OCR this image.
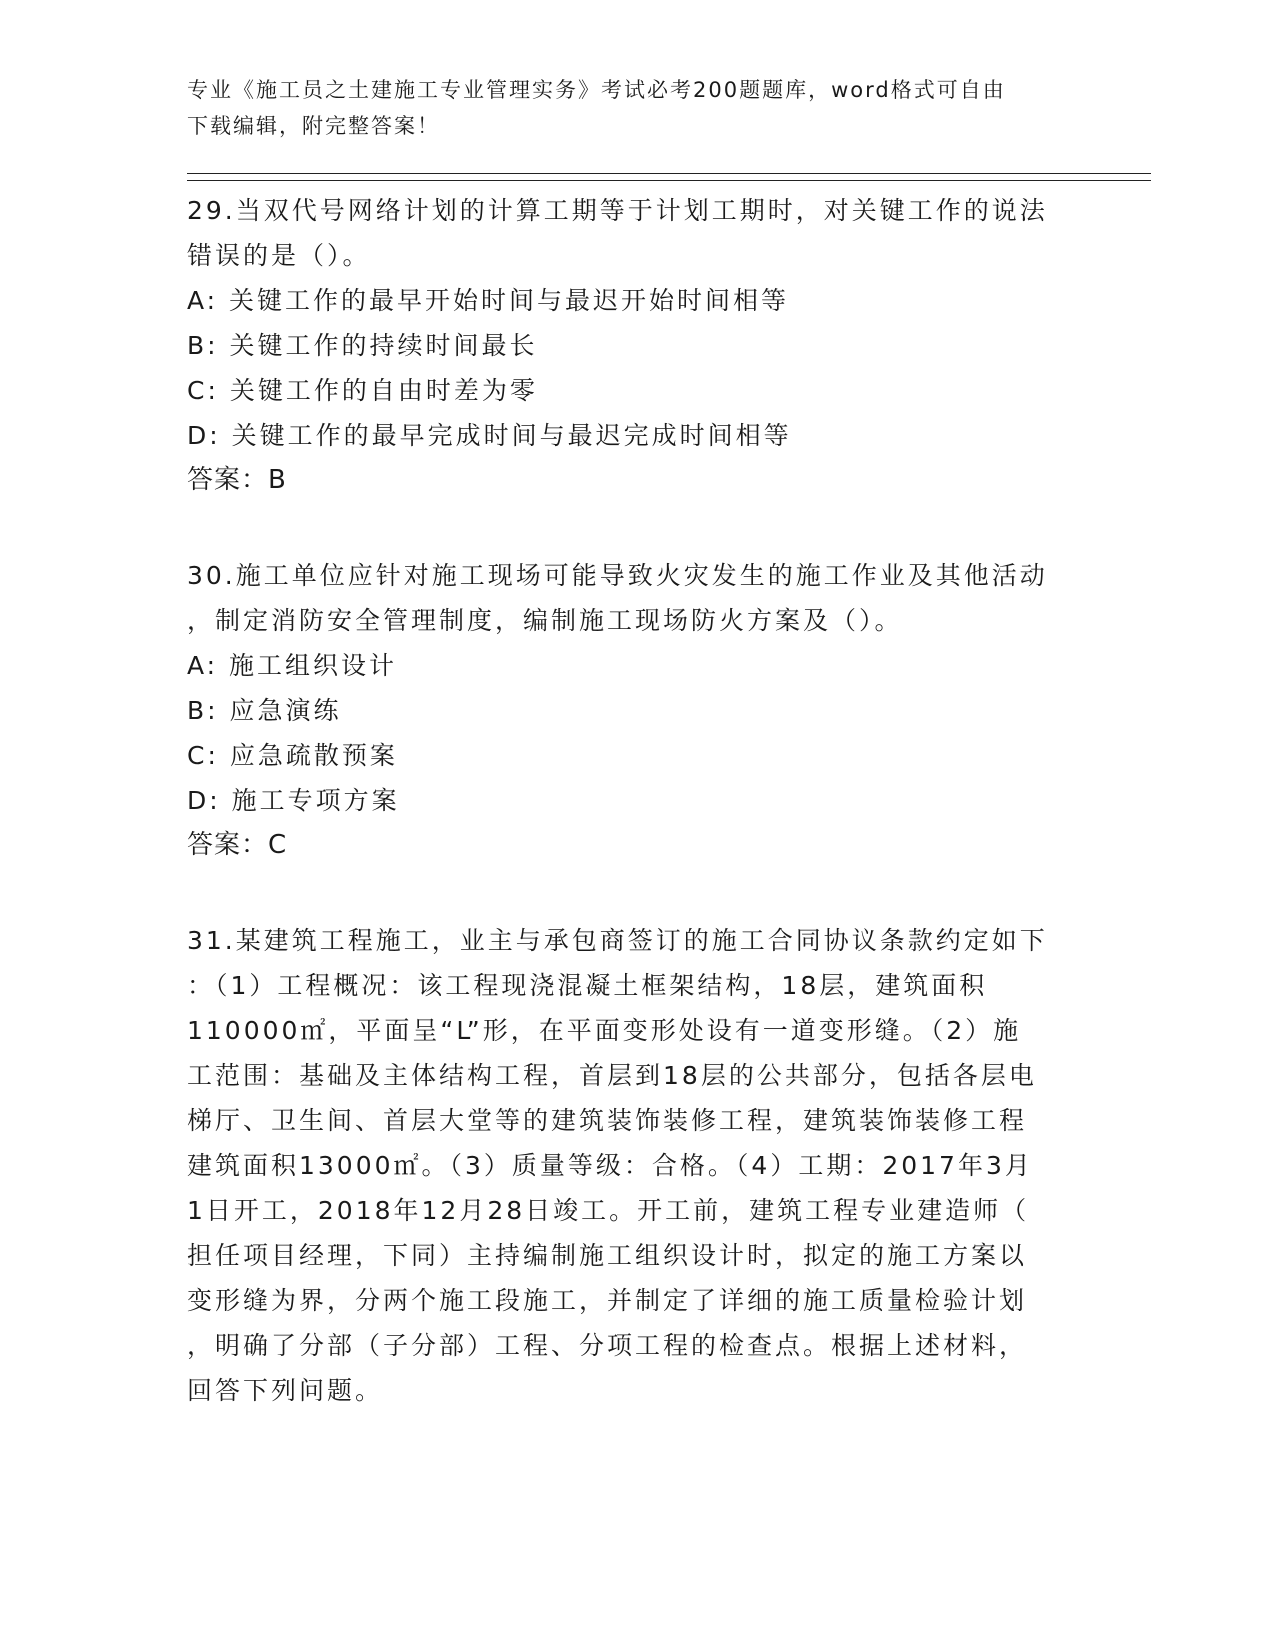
专业《施工员之土建施工专业管理实务》考试必考200题题库，word格式可自由
下载编辑，附完整答案！

29.当双代号网络计划的计算工期等于计划工期时，对关键工作的说法

错误的是（）。

A: 关键工作的最早开始时间与最迟开始时间相等

B: 关键工作的持续时间最长

C: 关键工作的自由时差为零

D: 关键工作的最早完成时间与最迟完成时间相等

答案：B

30.施工单位应针对施工现场可能导致火灾发生的施工作业及其他活动

，制定消防安全管理制度，编制施工现场防火方案及（）。

A: 施工组织设计

B: 应急演练

C: 应急疏散预案

D: 施工专项方案

答案：C

31.某建筑工程施工，业主与承包商签订的施工合同协议条款约定如下

：（1）工程概况：该工程现浇混凝土框架结构，18层，建筑面积

110000㎡，平面呈“L”形，在平面变形处设有一道变形缝。（2）施

工范围：基础及主体结构工程，首层到18层的公共部分，包括各层电

梯厅、卫生间、首层大堂等的建筑装饰装修工程，建筑装饰装修工程

建筑面积13000㎡。（3）质量等级：合格。（4）工期：2017年3月

1日开工，2018年12月28日竣工。开工前，建筑工程专业建造师（

担任项目经理，下同）主持编制施工组织设计时，拟定的施工方案以

变形缝为界，分两个施工段施工，并制定了详细的施工质量检验计划

，明确了分部（子分部）工程、分项工程的检查点。根据上述材料，

回答下列问题。
